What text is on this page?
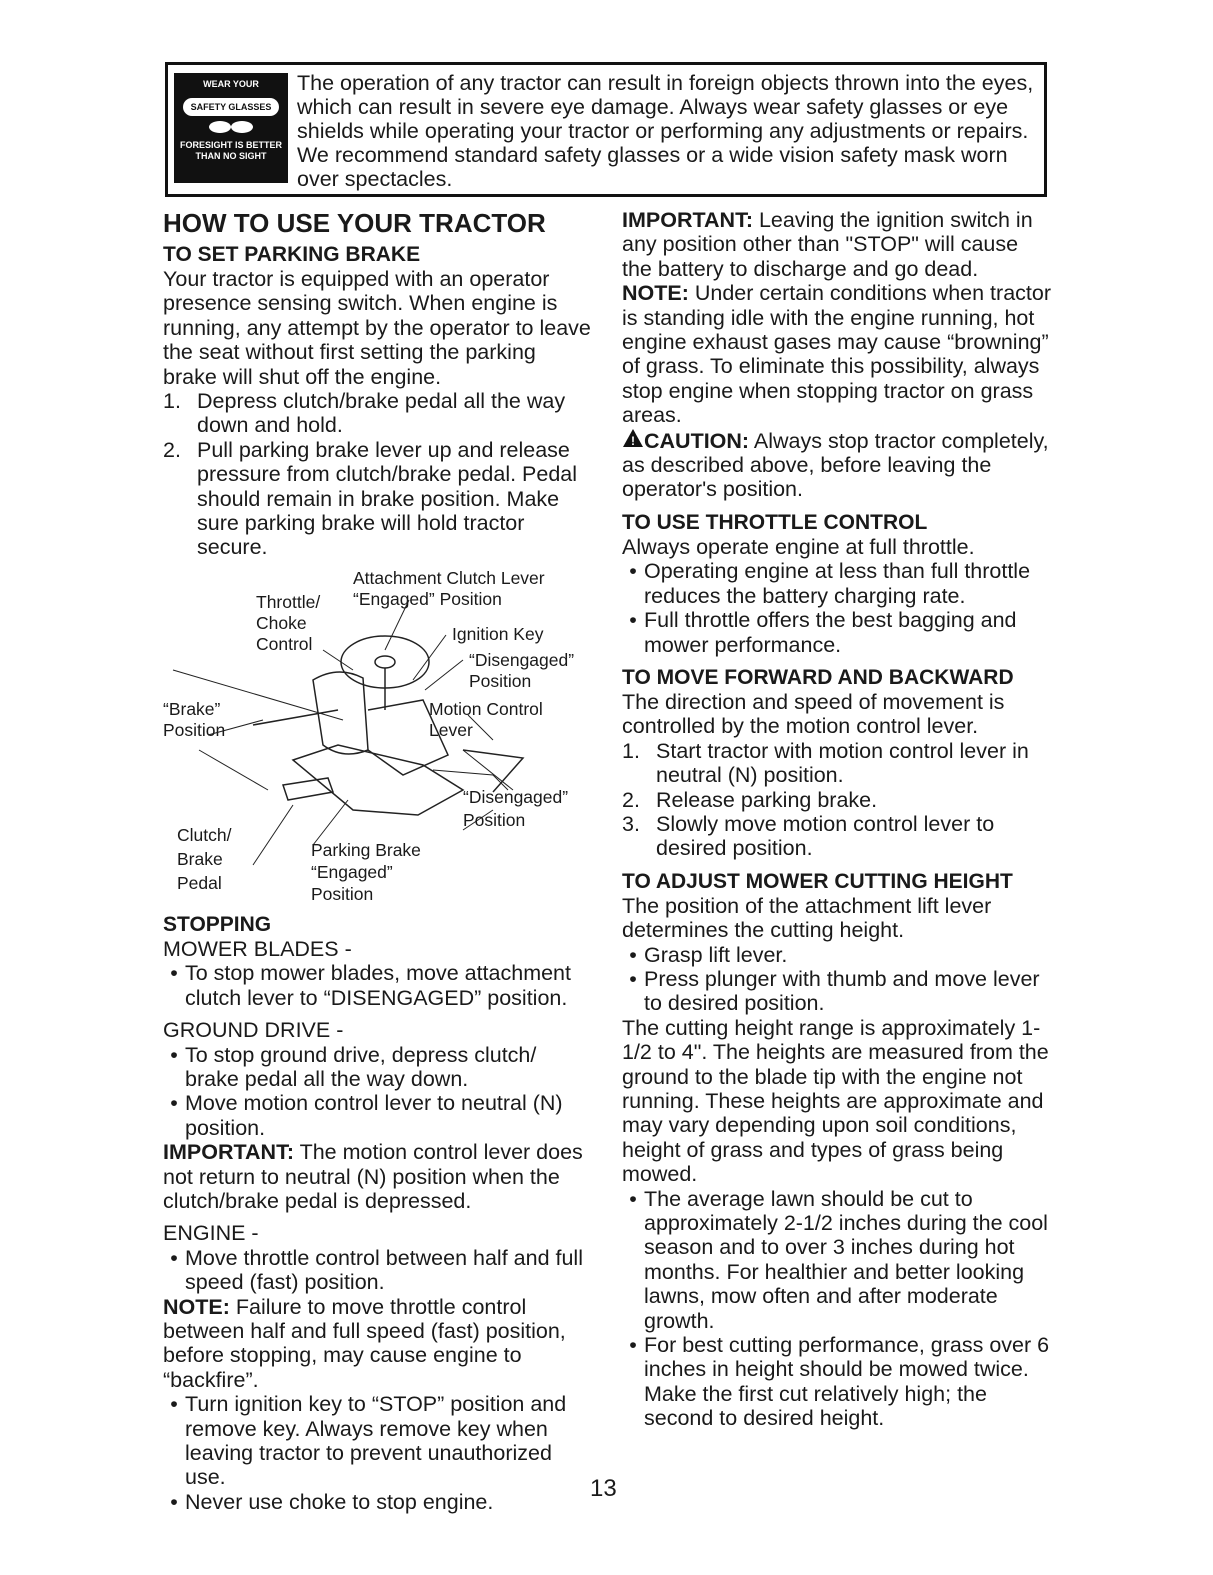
WEAR YOUR
SAFETY GLASSES
FORESIGHT IS BETTER
THAN NO SIGHT
The operation of any tractor can result in foreign objects thrown into the eyes, which can result in severe eye damage. Always wear safety glasses or eye shields while operating your tractor or performing any adjustments or repairs. We recommend standard safety glasses or a wide vision safety mask worn over spectacles.
HOW TO USE YOUR TRACTOR
TO SET PARKING BRAKE

Your tractor is equipped with an operator presence sensing switch. When engine is running, any attempt by the operator to leave the seat without first setting the parking brake will shut off the engine.

1. Depress clutch/brake pedal all the way down and hold.
2. Pull parking brake lever up and release pressure from clutch/brake pedal. Pedal should remain in brake position. Make sure parking brake will hold tractor secure.
Attachment Clutch Lever
“Engaged” Position
Throttle/
Choke
Control	Ignition Key
“Disengaged”
Position
“Brake”
Position
Motion Control
Lever
“Disengaged”
Position
Clutch/
Brake
Pedal
Parking Brake
“Engaged”
Position
STOPPING

MOWER BLADES -

• To stop mower blades, move attachment clutch lever to “DISENGAGED” position.

GROUND DRIVE -

• To stop ground drive, depress clutch/ brake pedal all the way down.
• Move motion control lever to neutral (N) position.

IMPORTANT: The motion control lever does not return to neutral (N) position when the clutch/brake pedal is depressed.

ENGINE -

• Move throttle control between half and full speed (fast) position.

NOTE: Failure to move throttle control between half and full speed (fast) position, before stopping, may cause engine to “backfire”.

• Turn ignition key to “STOP” position and remove key. Always remove key when leaving tractor to prevent unauthorized use.
• Never use choke to stop engine.

IMPORTANT: Leaving the ignition switch in any position other than "STOP" will cause the battery to discharge and go dead.

NOTE: Under certain conditions when tractor is standing idle with the engine running, hot engine exhaust gases may cause “browning” of grass. To eliminate this possibility, always stop engine when stopping tractor on grass areas.

! CAUTION: Always stop tractor completely, as described above, before leaving the operator's position.

TO USE THROTTLE CONTROL

Always operate engine at full throttle.

• Operating engine at less than full throttle reduces the battery charging rate.
• Full throttle offers the best bagging and mower performance.
TO MOVE FORWARD AND BACKWARD

The direction and speed of movement is controlled by the motion control lever.

1. Start tractor with motion control lever in neutral (N) position.
2. Release parking brake.
3. Slowly move motion control lever to desired position.
TO ADJUST MOWER CUTTING HEIGHT

The position of the attachment lift lever determines the cutting height.

• Grasp lift lever.
• Press plunger with thumb and move lever to desired position.

The cutting height range is approximately 1-1/2 to 4". The heights are measured from the ground to the blade tip with the engine not running. These heights are approximate and may vary depending upon soil conditions, height of grass and types of grass being mowed.

• The average lawn should be cut to approximately 2-1/2 inches during the cool season and to over 3 inches during hot months. For healthier and better looking lawns, mow often and after moderate growth.
• For best cutting performance, grass over 6 inches in height should be mowed twice. Make the first cut relatively high; the second to desired height.
13
